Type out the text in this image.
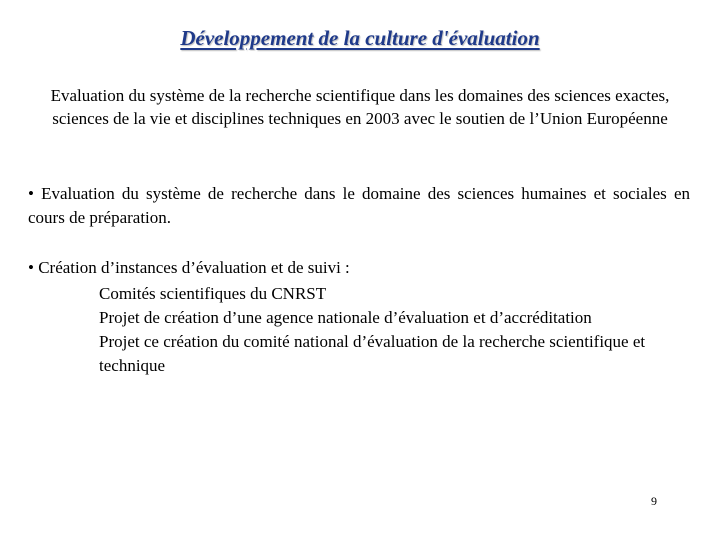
Développement de la culture d'évaluation
Evaluation du système de la recherche scientifique dans les domaines des sciences exactes, sciences de la vie et disciplines techniques en 2003 avec le soutien de l’Union Européenne
• Evaluation du système de recherche dans le domaine des sciences humaines et sociales en cours de préparation.
• Création d’instances d’évaluation et de suivi :
Comités scientifiques du CNRST
Projet de création d’une agence nationale d’évaluation et d’accréditation
Projet ce création du comité national d’évaluation de la recherche scientifique et technique
9
